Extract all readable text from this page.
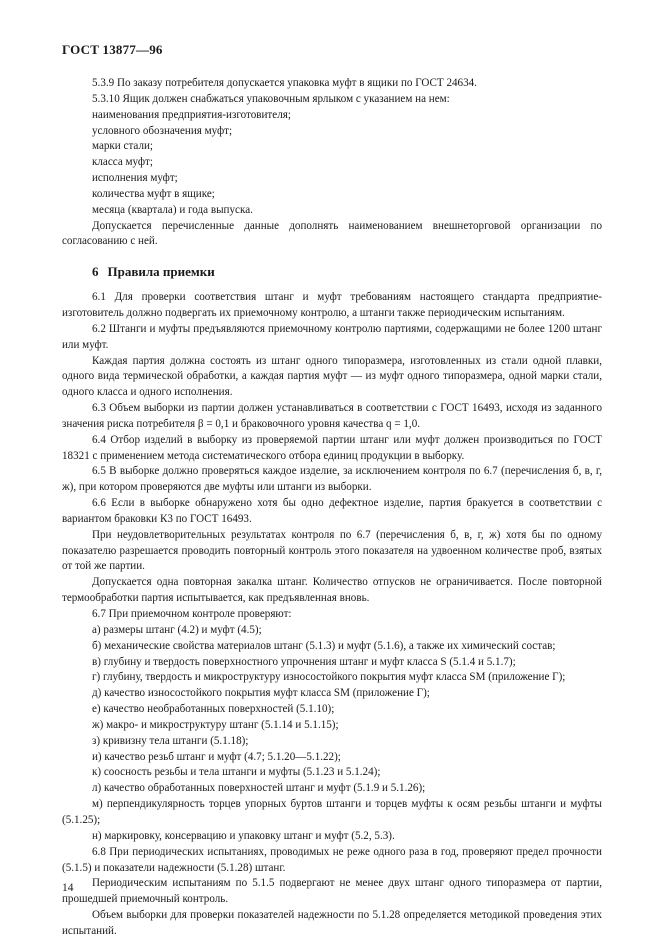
ГОСТ 13877—96

5.3.9 По заказу потребителя допускается упаковка муфт в ящики по ГОСТ 24634.

5.3.10 Ящик должен снабжаться упаковочным ярлыком с указанием на нем:

наименования предприятия-изготовителя;

условного обозначения муфт;

марки стали;

класса муфт;

исполнения муфт;

количества муфт в ящике;

месяца (квартала) и года выпуска.

Допускается перечисленные данные дополнять наименованием внешнеторговой организации по согласованию с ней.

6 Правила приемки

6.1 Для проверки соответствия штанг и муфт требованиям настоящего стандарта предприятие-изготовитель должно подвергать их приемочному контролю, а штанги также периодическим испытаниям.

6.2 Штанги и муфты предъявляются приемочному контролю партиями, содержащими не более 1200 штанг или муфт.

Каждая партия должна состоять из штанг одного типоразмера, изготовленных из стали одной плавки, одного вида термической обработки, а каждая партия муфт — из муфт одного типоразмера, одной марки стали, одного класса и одного исполнения.

6.3 Объем выборки из партии должен устанавливаться в соответствии с ГОСТ 16493, исходя из заданного значения риска потребителя β = 0,1 и браковочного уровня качества q = 1,0.

6.4 Отбор изделий в выборку из проверяемой партии штанг или муфт должен производиться по ГОСТ 18321 с применением метода систематического отбора единиц продукции в выборку.

6.5 В выборке должно проверяться каждое изделие, за исключением контроля по 6.7 (перечисления б, в, г, ж), при котором проверяются две муфты или штанги из выборки.

6.6 Если в выборке обнаружено хотя бы одно дефектное изделие, партия бракуется в соответствии с вариантом браковки К3 по ГОСТ 16493.

При неудовлетворительных результатах контроля по 6.7 (перечисления б, в, г, ж) хотя бы по одному показателю разрешается проводить повторный контроль этого показателя на удвоенном количестве проб, взятых от той же партии.

Допускается одна повторная закалка штанг. Количество отпусков не ограничивается. После повторной термообработки партия испытывается, как предъявленная вновь.

6.7 При приемочном контроле проверяют:

а) размеры штанг (4.2) и муфт (4.5);

б) механические свойства материалов штанг (5.1.3) и муфт (5.1.6), а также их химический состав;

в) глубину и твердость поверхностного упрочнения штанг и муфт класса S (5.1.4 и 5.1.7);

г) глубину, твердость и микроструктуру износостойкого покрытия муфт класса SM (приложение Г);

д) качество износостойкого покрытия муфт класса SM (приложение Г);

е) качество необработанных поверхностей (5.1.10);

ж) макро- и микроструктуру штанг (5.1.14 и 5.1.15);

з) кривизну тела штанги (5.1.18);

и) качество резьб штанг и муфт (4.7; 5.1.20—5.1.22);

к) соосность резьбы и тела штанги и муфты (5.1.23 и 5.1.24);

л) качество обработанных поверхностей штанг и муфт (5.1.9 и 5.1.26);

м) перпендикулярность торцев упорных буртов штанги и торцев муфты к осям резьбы штанги и муфты (5.1.25);

н) маркировку, консервацию и упаковку штанг и муфт (5.2, 5.3).

6.8 При периодических испытаниях, проводимых не реже одного раза в год, проверяют предел прочности (5.1.5) и показатели надежности (5.1.28) штанг.

Периодическим испытаниям по 5.1.5 подвергают не менее двух штанг одного типоразмера от партии, прошедшей приемочный контроль.

Объем выборки для проверки показателей надежности по 5.1.28 определяется методикой проведения этих испытаний.

14
